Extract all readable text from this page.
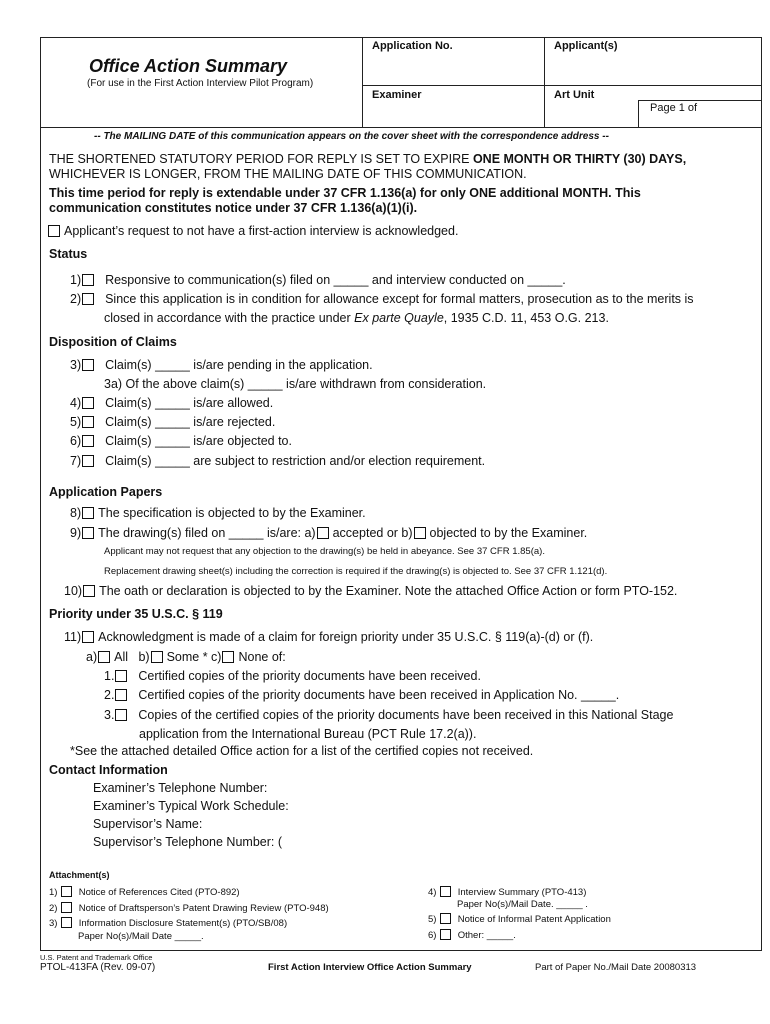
Office Action Summary
(For use in the First Action Interview Pilot Program)
Application No.	Applicant(s)
Examiner	Art Unit
Page 1 of
-- The MAILING DATE of this communication appears on the cover sheet with the correspondence address --
THE SHORTENED STATUTORY PERIOD FOR REPLY IS SET TO EXPIRE ONE MONTH OR THIRTY (30) DAYS,
WHICHEVER IS LONGER, FROM THE MAILING DATE OF THIS COMMUNICATION.
This time period for reply is extendable under 37 CFR 1.136(a) for only ONE additional MONTH. This
communication constitutes notice under 37 CFR 1.136(a)(1)(i).
Applicant’s request to not have a first-action interview is acknowledged.
Status
1) Responsive to communication(s) filed on _____ and interview conducted on _____.
2) Since this application is in condition for allowance except for formal matters, prosecution as to the merits is
closed in accordance with the practice under Ex parte Quayle, 1935 C.D. 11, 453 O.G. 213.
Disposition of Claims
3) Claim(s) _____ is/are pending in the application.
3a) Of the above claim(s) _____ is/are withdrawn from consideration.
4) Claim(s) _____ is/are allowed.
5) Claim(s) _____ is/are rejected.
6) Claim(s) _____ is/are objected to.
7) Claim(s) _____ are subject to restriction and/or election requirement.
Application Papers
8) The specification is objected to by the Examiner.
9) The drawing(s) filed on _____ is/are: a) accepted or b) objected to by the Examiner.
Applicant may not request that any objection to the drawing(s) be held in abeyance. See 37 CFR 1.85(a).
Replacement drawing sheet(s) including the correction is required if the drawing(s) is objected to. See 37 CFR 1.121(d).
10) The oath or declaration is objected to by the Examiner. Note the attached Office Action or form PTO-152.
Priority under 35 U.S.C. § 119
11) Acknowledgment is made of a claim for foreign priority under 35 U.S.C. § 119(a)-(d) or (f).
a) All b) Some * c) None of:
1. Certified copies of the priority documents have been received.
2. Certified copies of the priority documents have been received in Application No. _____.
3. Copies of the certified copies of the priority documents have been received in this National Stage
application from the International Bureau (PCT Rule 17.2(a)).
*See the attached detailed Office action for a list of the certified copies not received.
Contact Information
Examiner’s Telephone Number:
Examiner’s Typical Work Schedule:
Supervisor’s Name:
Supervisor’s Telephone Number: (
Attachment(s)
1) Notice of References Cited (PTO-892)
2) Notice of Draftsperson’s Patent Drawing Review (PTO-948)
3) Information Disclosure Statement(s) (PTO/SB/08)
Paper No(s)/Mail Date _____.
4) Interview Summary (PTO-413)
Paper No(s)/Mail Date. _____ .
5) Notice of Informal Patent Application
6) Other: _____.
U.S. Patent and Trademark Office
PTOL-413FA (Rev. 09-07)	First Action Interview Office Action Summary	Part of Paper No./Mail Date 20080313
